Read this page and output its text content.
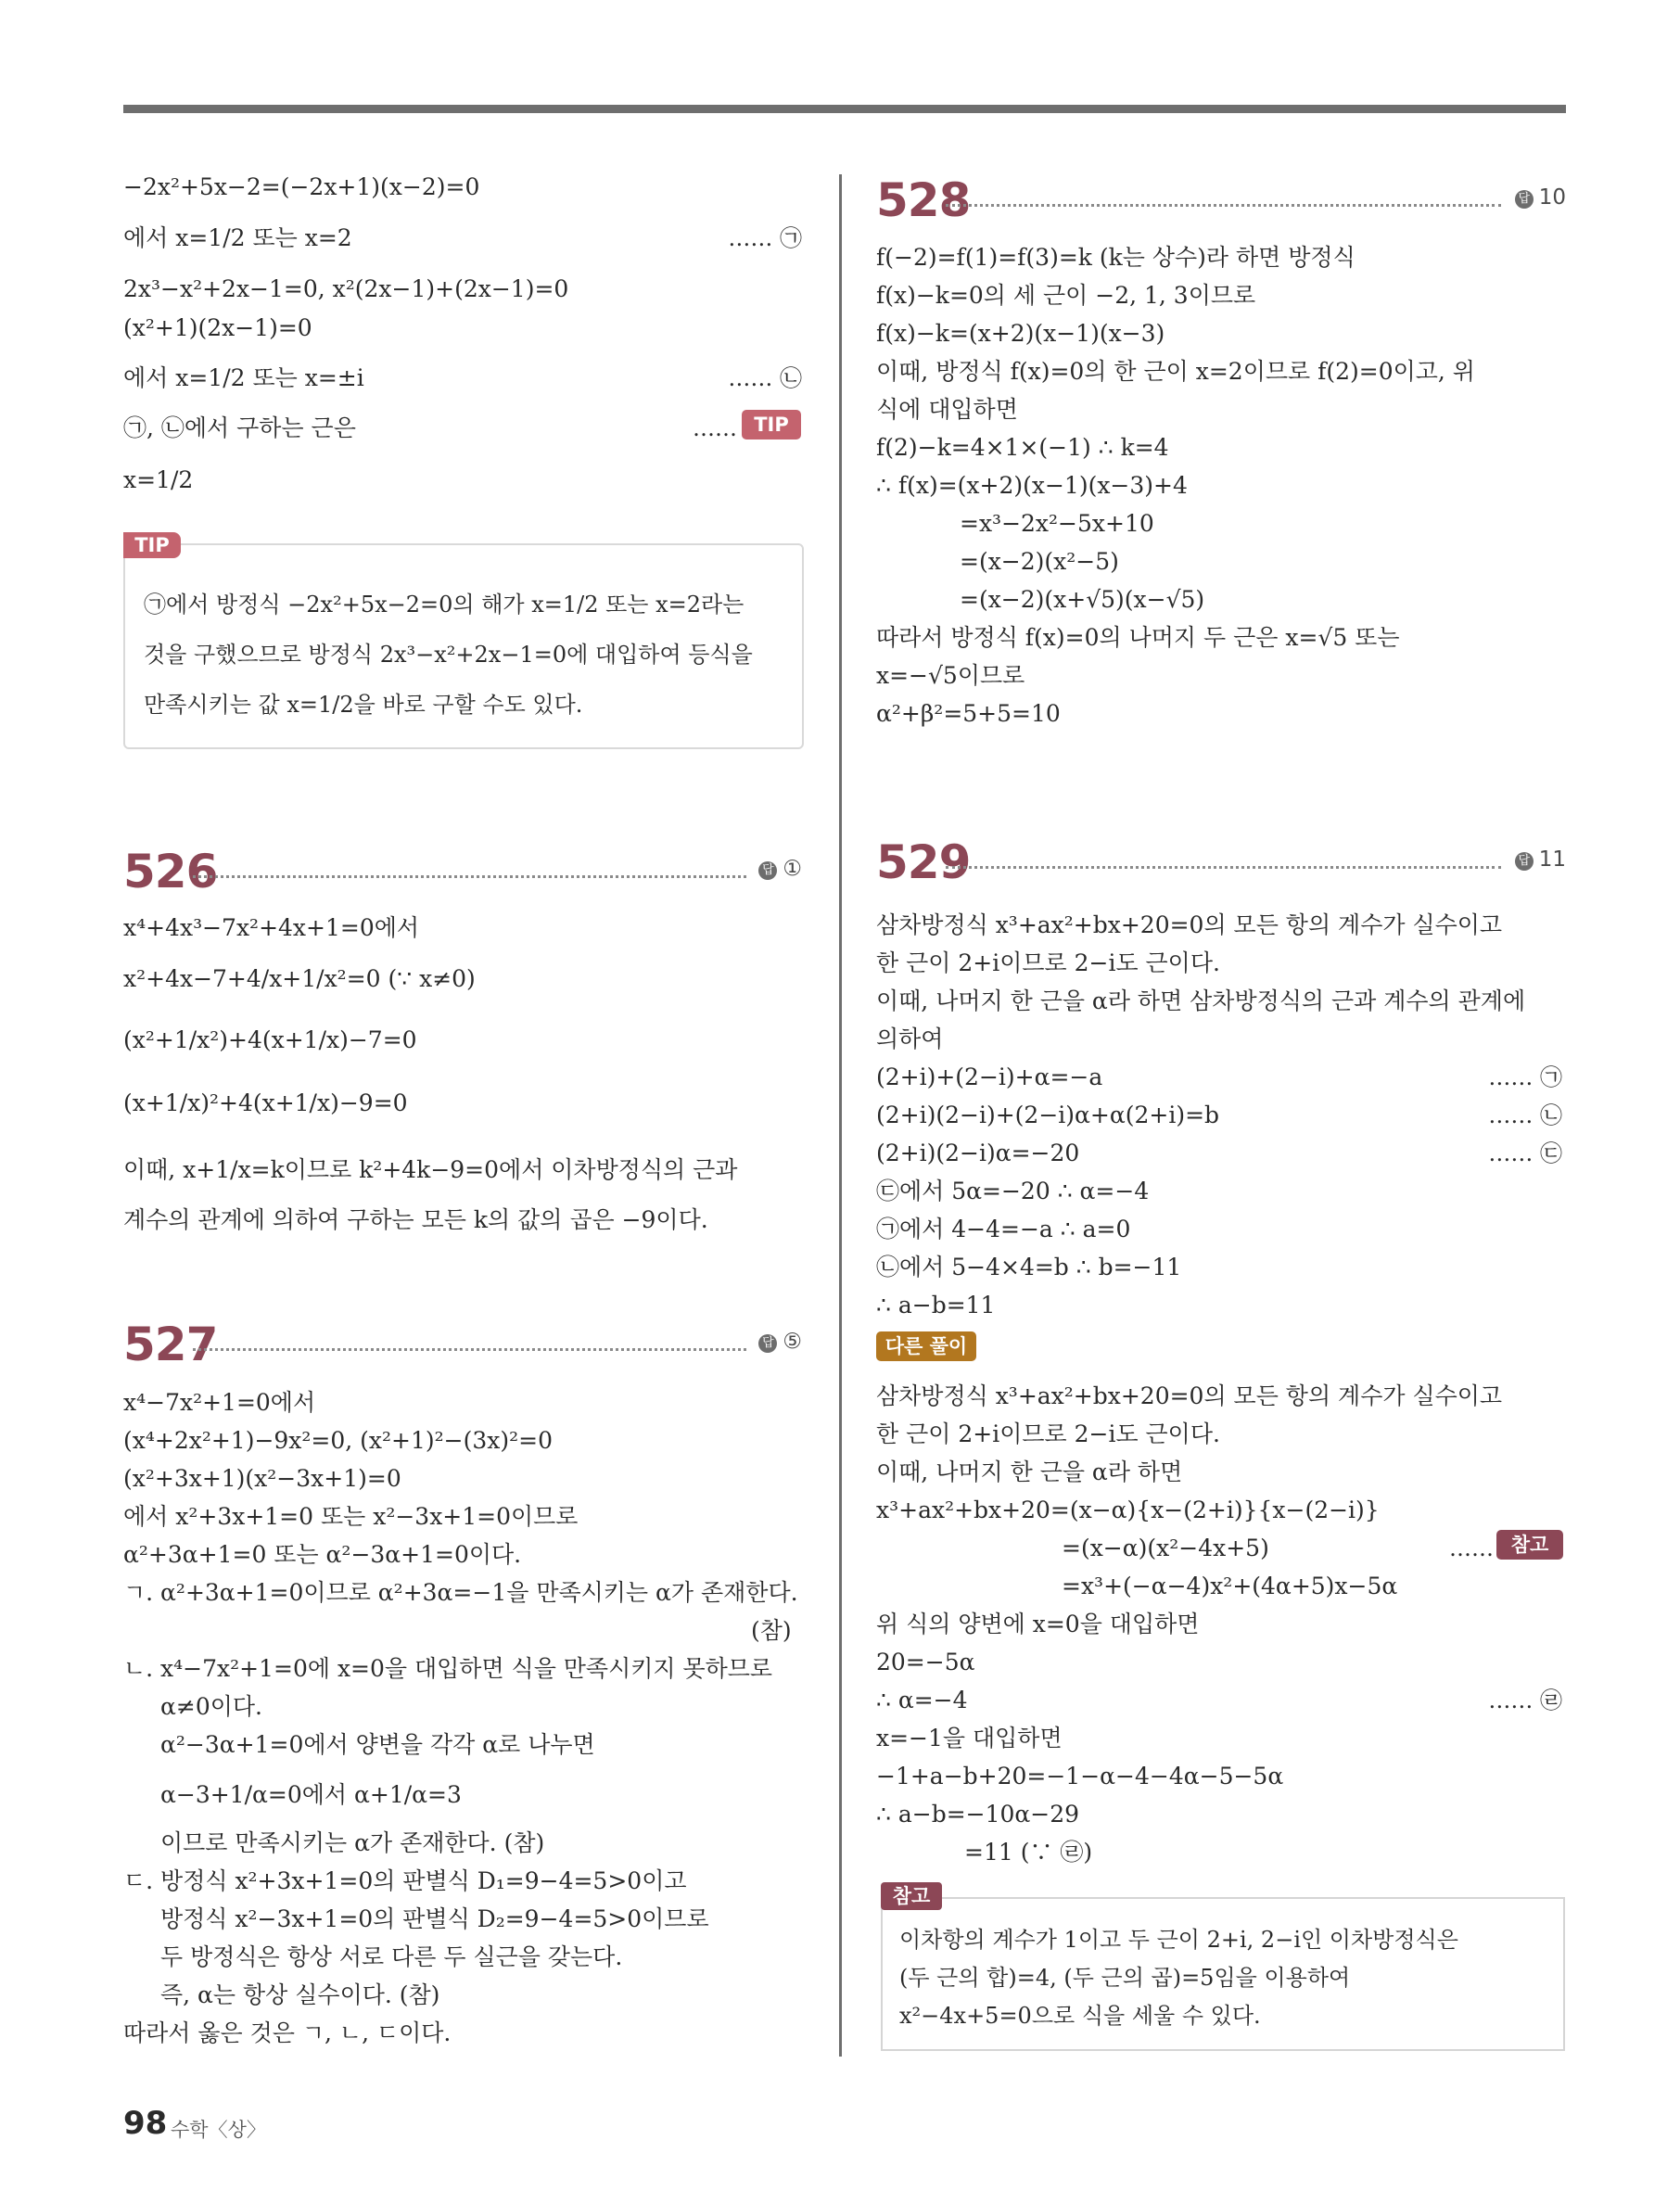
−2x²+5x−2=(−2x+1)(x−2)=0
에서 x=1/2 또는 x=2	…… ㉠
2x³−x²+2x−1=0, x²(2x−1)+(2x−1)=0
(x²+1)(2x−1)=0
에서 x=1/2 또는 x=±i	…… ㉡
㉠, ㉡에서 구하는 근은	…… TIP
x=1/2
TIP
㉠에서 방정식 −2x²+5x−2=0의 해가 x=1/2 또는 x=2라는
것을 구했으므로 방정식 2x³−x²+2x−1=0에 대입하여 등식을
만족시키는 값 x=1/2을 바로 구할 수도 있다.
526	답 ①
x⁴+4x³−7x²+4x+1=0에서
x²+4x−7+4/x+1/x²=0 (∵ x≠0)
(x²+1/x²)+4(x+1/x)−7=0
(x+1/x)²+4(x+1/x)−9=0
이때, x+1/x=k이므로 k²+4k−9=0에서 이차방정식의 근과
계수의 관계에 의하여 구하는 모든 k의 값의 곱은 −9이다.
527	답 ⑤
x⁴−7x²+1=0에서
(x⁴+2x²+1)−9x²=0, (x²+1)²−(3x)²=0
(x²+3x+1)(x²−3x+1)=0
에서 x²+3x+1=0 또는 x²−3x+1=0이므로
α²+3α+1=0 또는 α²−3α+1=0이다.
ㄱ. α²+3α+1=0이므로 α²+3α=−1을 만족시키는 α가 존재한다.
(참)
ㄴ. x⁴−7x²+1=0에 x=0을 대입하면 식을 만족시키지 못하므로
α≠0이다.
α²−3α+1=0에서 양변을 각각 α로 나누면
α−3+1/α=0에서 α+1/α=3
이므로 만족시키는 α가 존재한다. (참)
ㄷ. 방정식 x²+3x+1=0의 판별식 D₁=9−4=5>0이고
방정식 x²−3x+1=0의 판별식 D₂=9−4=5>0이므로
두 방정식은 항상 서로 다른 두 실근을 갖는다.
즉, α는 항상 실수이다. (참)
따라서 옳은 것은 ㄱ, ㄴ, ㄷ이다.
528	답 10
f(−2)=f(1)=f(3)=k (k는 상수)라 하면 방정식
f(x)−k=0의 세 근이 −2, 1, 3이므로
f(x)−k=(x+2)(x−1)(x−3)
이때, 방정식 f(x)=0의 한 근이 x=2이므로 f(2)=0이고, 위
식에 대입하면
f(2)−k=4×1×(−1) ∴ k=4
∴ f(x)=(x+2)(x−1)(x−3)+4
=x³−2x²−5x+10
=(x−2)(x²−5)
=(x−2)(x+√5)(x−√5)
따라서 방정식 f(x)=0의 나머지 두 근은 x=√5 또는
x=−√5이므로
α²+β²=5+5=10
529	답 11
삼차방정식 x³+ax²+bx+20=0의 모든 항의 계수가 실수이고
한 근이 2+i이므로 2−i도 근이다.
이때, 나머지 한 근을 α라 하면 삼차방정식의 근과 계수의 관계에
의하여
(2+i)+(2−i)+α=−a	…… ㉠
(2+i)(2−i)+(2−i)α+α(2+i)=b	…… ㉡
(2+i)(2−i)α=−20	…… ㉢
㉢에서 5α=−20 ∴ α=−4
㉠에서 4−4=−a ∴ a=0
㉡에서 5−4×4=b ∴ b=−11
∴ a−b=11
다른 풀이
삼차방정식 x³+ax²+bx+20=0의 모든 항의 계수가 실수이고
한 근이 2+i이므로 2−i도 근이다.
이때, 나머지 한 근을 α라 하면
x³+ax²+bx+20=(x−α){x−(2+i)}{x−(2−i)}
=(x−α)(x²−4x+5)	…… 참고
=x³+(−α−4)x²+(4α+5)x−5α
위 식의 양변에 x=0을 대입하면
20=−5α
∴ α=−4	…… ㉣
x=−1을 대입하면
−1+a−b+20=−1−α−4−4α−5−5α
∴ a−b=−10α−29
=11 (∵ ㉣)
참고
이차항의 계수가 1이고 두 근이 2+i, 2−i인 이차방정식은
(두 근의 합)=4, (두 근의 곱)=5임을 이용하여
x²−4x+5=0으로 식을 세울 수 있다.
98 수학〈상〉
